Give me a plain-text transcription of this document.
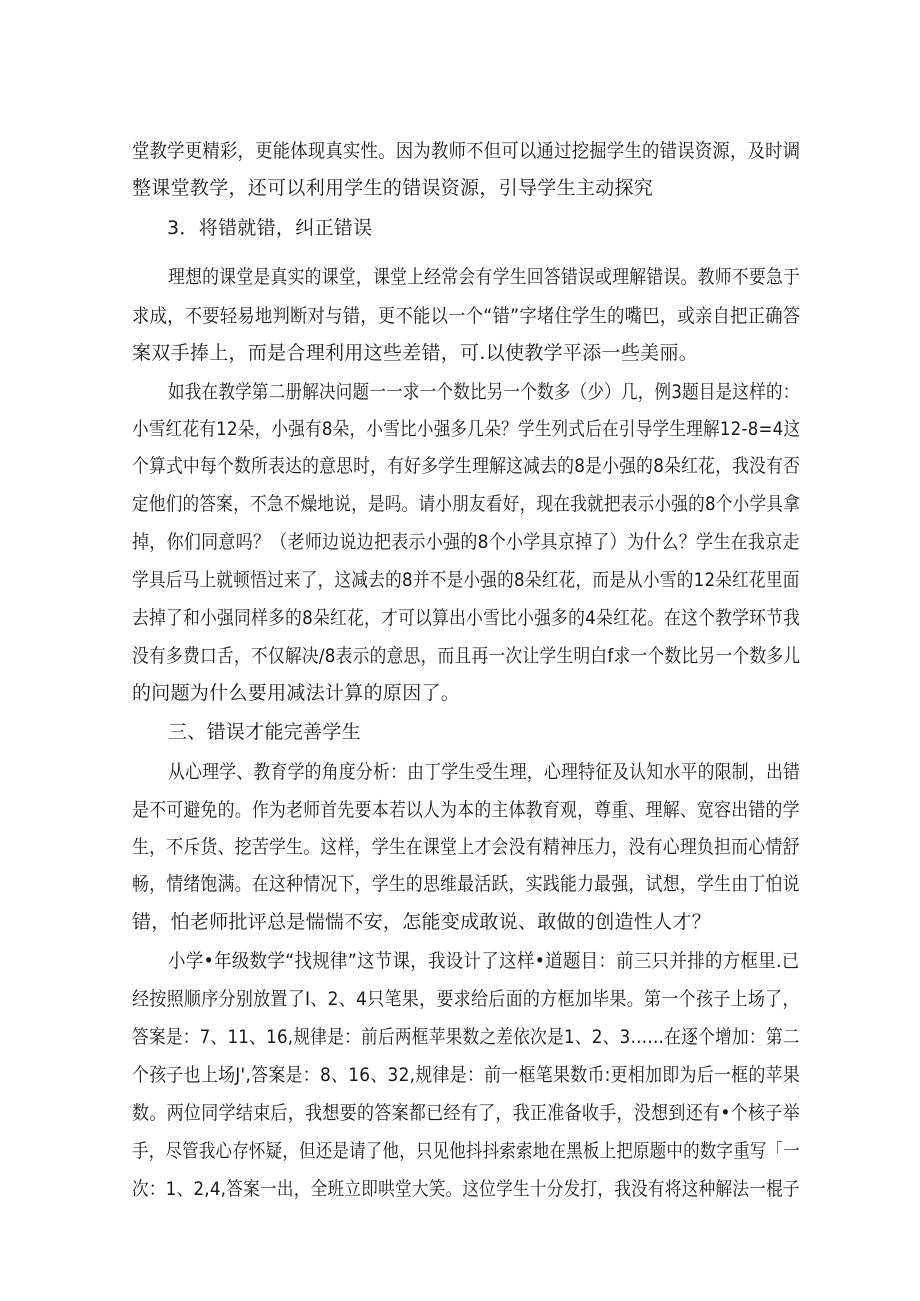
堂教学更精彩，更能体现真实性。因为教师不但可以通过挖掘学生的错误资源，及时调
整课堂教学，还可以利用学生的错误资源，引导学生主动探究
3．将错就错，纠正错误
理想的课堂是真实的课堂，课堂上经常会有学生回答错误或理解错误。教师不要急于
求成，不要轻易地判断对与错，更不能以一个“错”字堵住学生的嘴巴，或亲自把正确答
案双手捧上，而是合理利用这些差错，可.以使教学平添一些美丽。
如我在教学第二册解决问题一一求一个数比另一个数多（少）几，例3题目是这样的：
小雪红花有12朵，小强有8朵，小雪比小强多几朵？学生列式后在引导学生理解12-8=4这
个算式中每个数所表达的意思时，有好多学生理解这减去的8是小强的8朵红花，我没有否
定他们的答案，不急不燥地说，是吗。请小朋友看好，现在我就把表示小强的8个小学具拿
掉，你们同意吗？（老师边说边把表示小强的8个小学具京掉了）为什么？学生在我京走
学具后马上就顿悟过来了，这减去的8并不是小强的8朵红花，而是从小雪的12朵红花里面
去掉了和小强同样多的8朵红花，才可以算出小雪比小强多的4朵红花。在这个教学环节我
没有多费口舌，不仅解决/8表示的意思，而且再一次让学生明白f求一个数比另一个数多儿
的问题为什么要用减法计算的原因了。
三、错误才能完善学生
从心理学、教育学的角度分析：由丁学生受生理，心理特征及认知水平的限制，出错
是不可避免的。作为老师首先要本若以人为本的主体教育观，尊重、理解、宽容出错的学
生，不斥货、挖苦学生。这样，学生在课堂上才会没有精神压力，没有心理负担而心情舒
畅，情绪饱满。在这种情况下，学生的思维最活跃，实践能力最强，试想，学生由丁怕说
错，怕老师批评总是惴惴不安，怎能变成敢说、敢做的创造性人才？
小学•年级数学“找规律”这节课，我设计了这样•道题目：前三只并排的方框里.已
经按照顺序分别放置了Ⅰ、2、4只笔果，要求给后面的方框加毕果。第一个孩子上场了，
答案是：7、11、16,规律是：前后两框苹果数之差依次是1、2、3……在逐个增加：第二
个孩子也上场J',答案是：8、16、32,规律是：前一框笔果数币:更相加即为后一框的苹果
数。两位同学结束后，我想要的答案都已经有了，我正准备收手，没想到还有•个核子举
手，尽管我心存怀疑，但还是请了他，只见他抖抖索索地在黑板上把原题中的数字重写「一
次：1、2,4,答案一出，全班立即哄堂大笑。这位学生十分发打，我没有将这种解法一棍子
